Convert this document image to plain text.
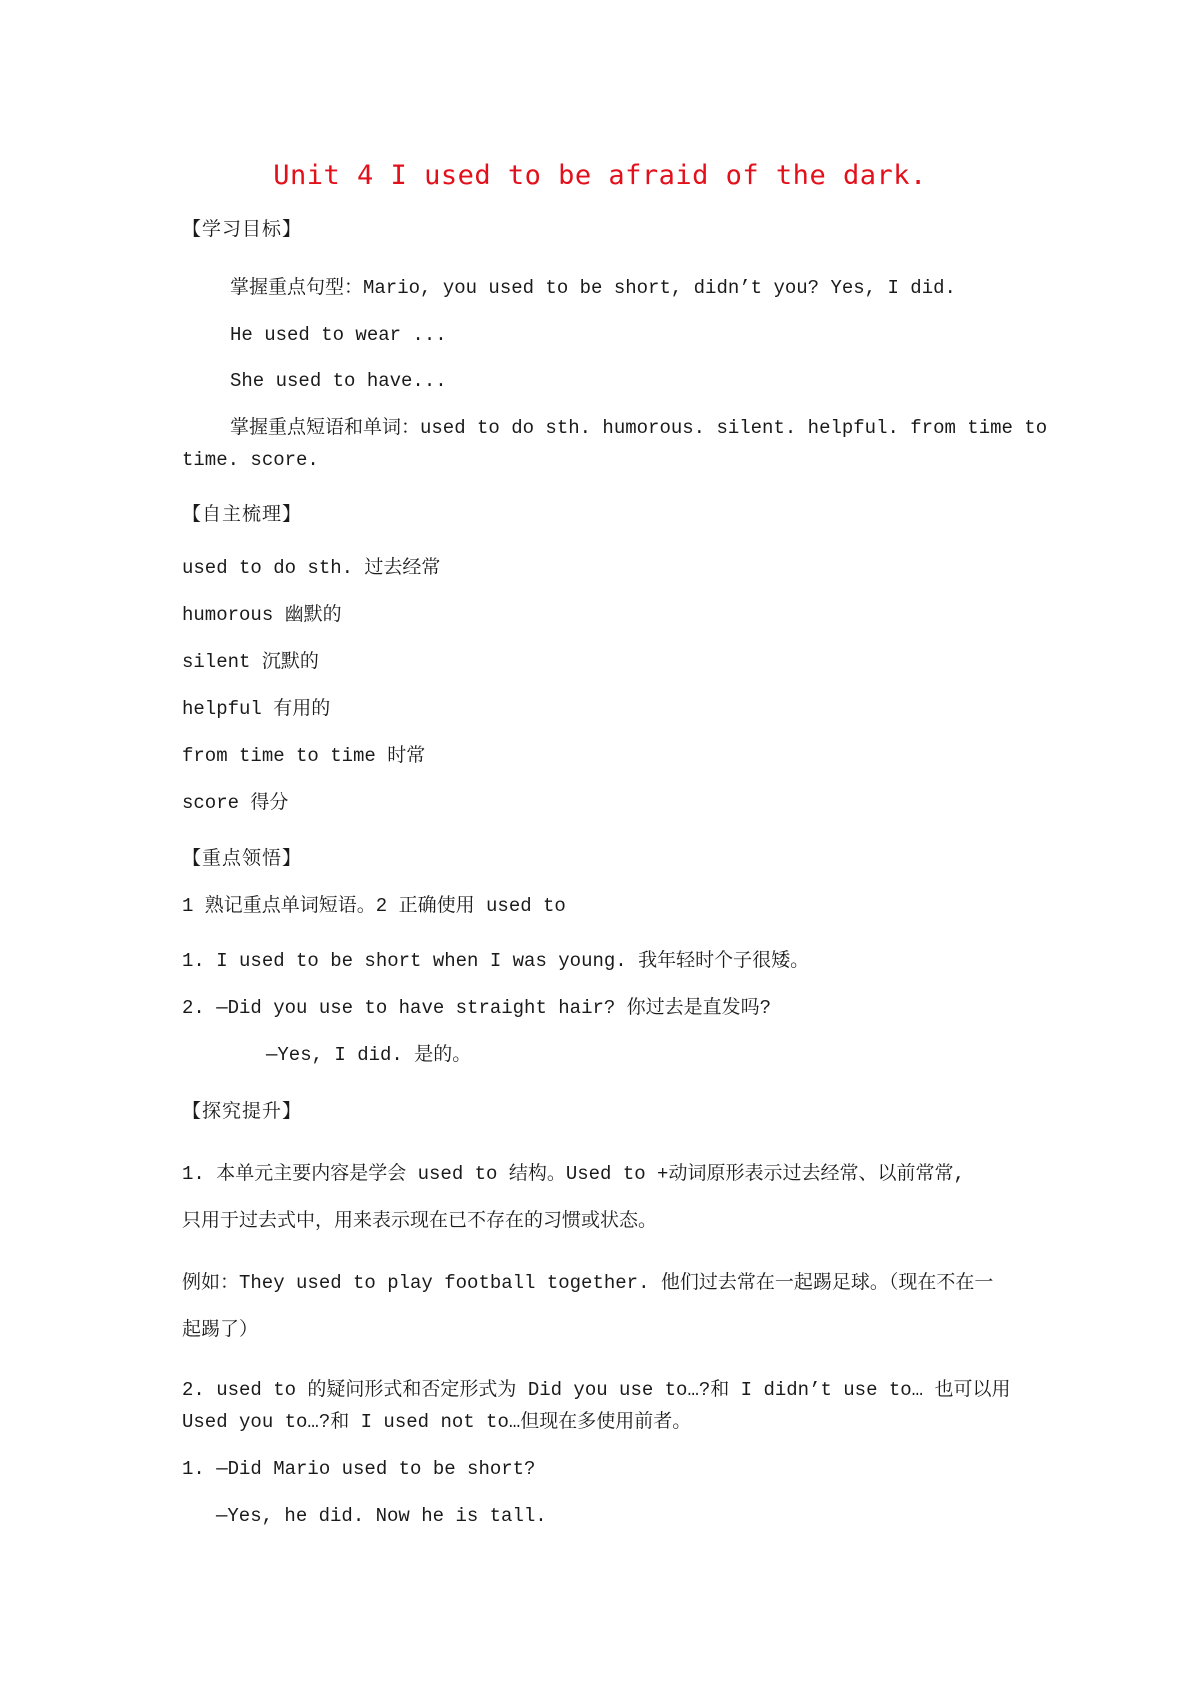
Unit 4 I used to be afraid of the dark.
【学习目标】
掌握重点句型：Mario, you used to be short, didn’t you? Yes, I did.
He used to wear ...
She used to have...
掌握重点短语和单词：used to do sth. humorous. silent. helpful. from time to
time. score.
【自主梳理】
used to do sth. 过去经常
humorous 幽默的
silent 沉默的
helpful 有用的
from time to time 时常
score 得分
【重点领悟】
1 熟记重点单词短语。2 正确使用 used to
1. I used to be short when I was young. 我年轻时个子很矮。
2. —Did you use to have straight hair? 你过去是直发吗?
—Yes, I did. 是的。
【探究提升】
1. 本单元主要内容是学会 used to 结构。Used to +动词原形表示过去经常、以前常常,
只用于过去式中，用来表示现在已不存在的习惯或状态。
例如：They used to play football together. 他们过去常在一起踢足球。（现在不在一
起踢了）
2. used to 的疑问形式和否定形式为 Did you use to…?和 I didn’t use to… 也可以用
Used you to…?和 I used not to…但现在多使用前者。
1. —Did Mario used to be short?
—Yes, he did. Now he is tall.
